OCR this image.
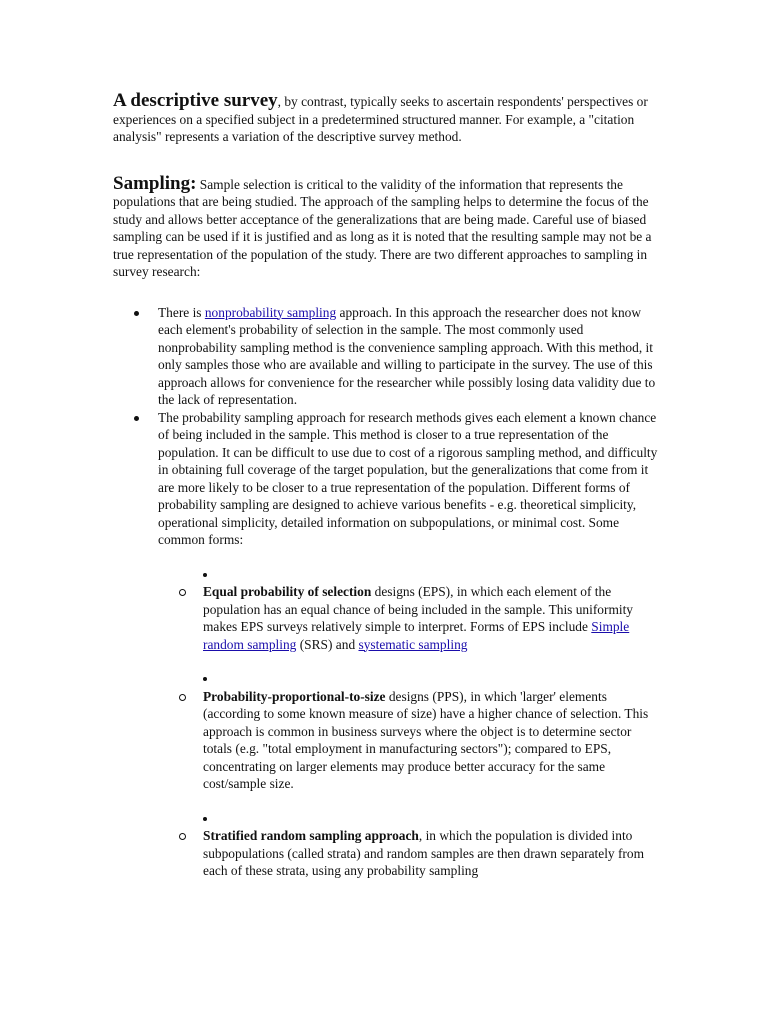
A descriptive survey, by contrast, typically seeks to ascertain respondents' perspectives or experiences on a specified subject in a predetermined structured manner. For example, a "citation analysis" represents a variation of the descriptive survey method.

Sampling: Sample selection is critical to the validity of the information that represents the populations that are being studied. The approach of the sampling helps to determine the focus of the study and allows better acceptance of the generalizations that are being made. Careful use of biased sampling can be used if it is justified and as long as it is noted that the resulting sample may not be a true representation of the population of the study. There are two different approaches to sampling in survey research:

There is nonprobability sampling approach. In this approach the researcher does not know each element's probability of selection in the sample. The most commonly used nonprobability sampling method is the convenience sampling approach. With this method, it only samples those who are available and willing to participate in the survey. The use of this approach allows for convenience for the researcher while possibly losing data validity due to the lack of representation.
The probability sampling approach for research methods gives each element a known chance of being included in the sample. This method is closer to a true representation of the population. It can be difficult to use due to cost of a rigorous sampling method, and difficulty in obtaining full coverage of the target population, but the generalizations that come from it are more likely to be closer to a true representation of the population. Different forms of probability sampling are designed to achieve various benefits - e.g. theoretical simplicity, operational simplicity, detailed information on subpopulations, or minimal cost. Some common forms:
Equal probability of selection designs (EPS), in which each element of the population has an equal chance of being included in the sample. This uniformity makes EPS surveys relatively simple to interpret. Forms of EPS include Simple random sampling (SRS) and systematic sampling
Probability-proportional-to-size designs (PPS), in which 'larger' elements (according to some known measure of size) have a higher chance of selection. This approach is common in business surveys where the object is to determine sector totals (e.g. "total employment in manufacturing sectors"); compared to EPS, concentrating on larger elements may produce better accuracy for the same cost/sample size.
Stratified random sampling approach, in which the population is divided into subpopulations (called strata) and random samples are then drawn separately from each of these strata, using any probability sampling
